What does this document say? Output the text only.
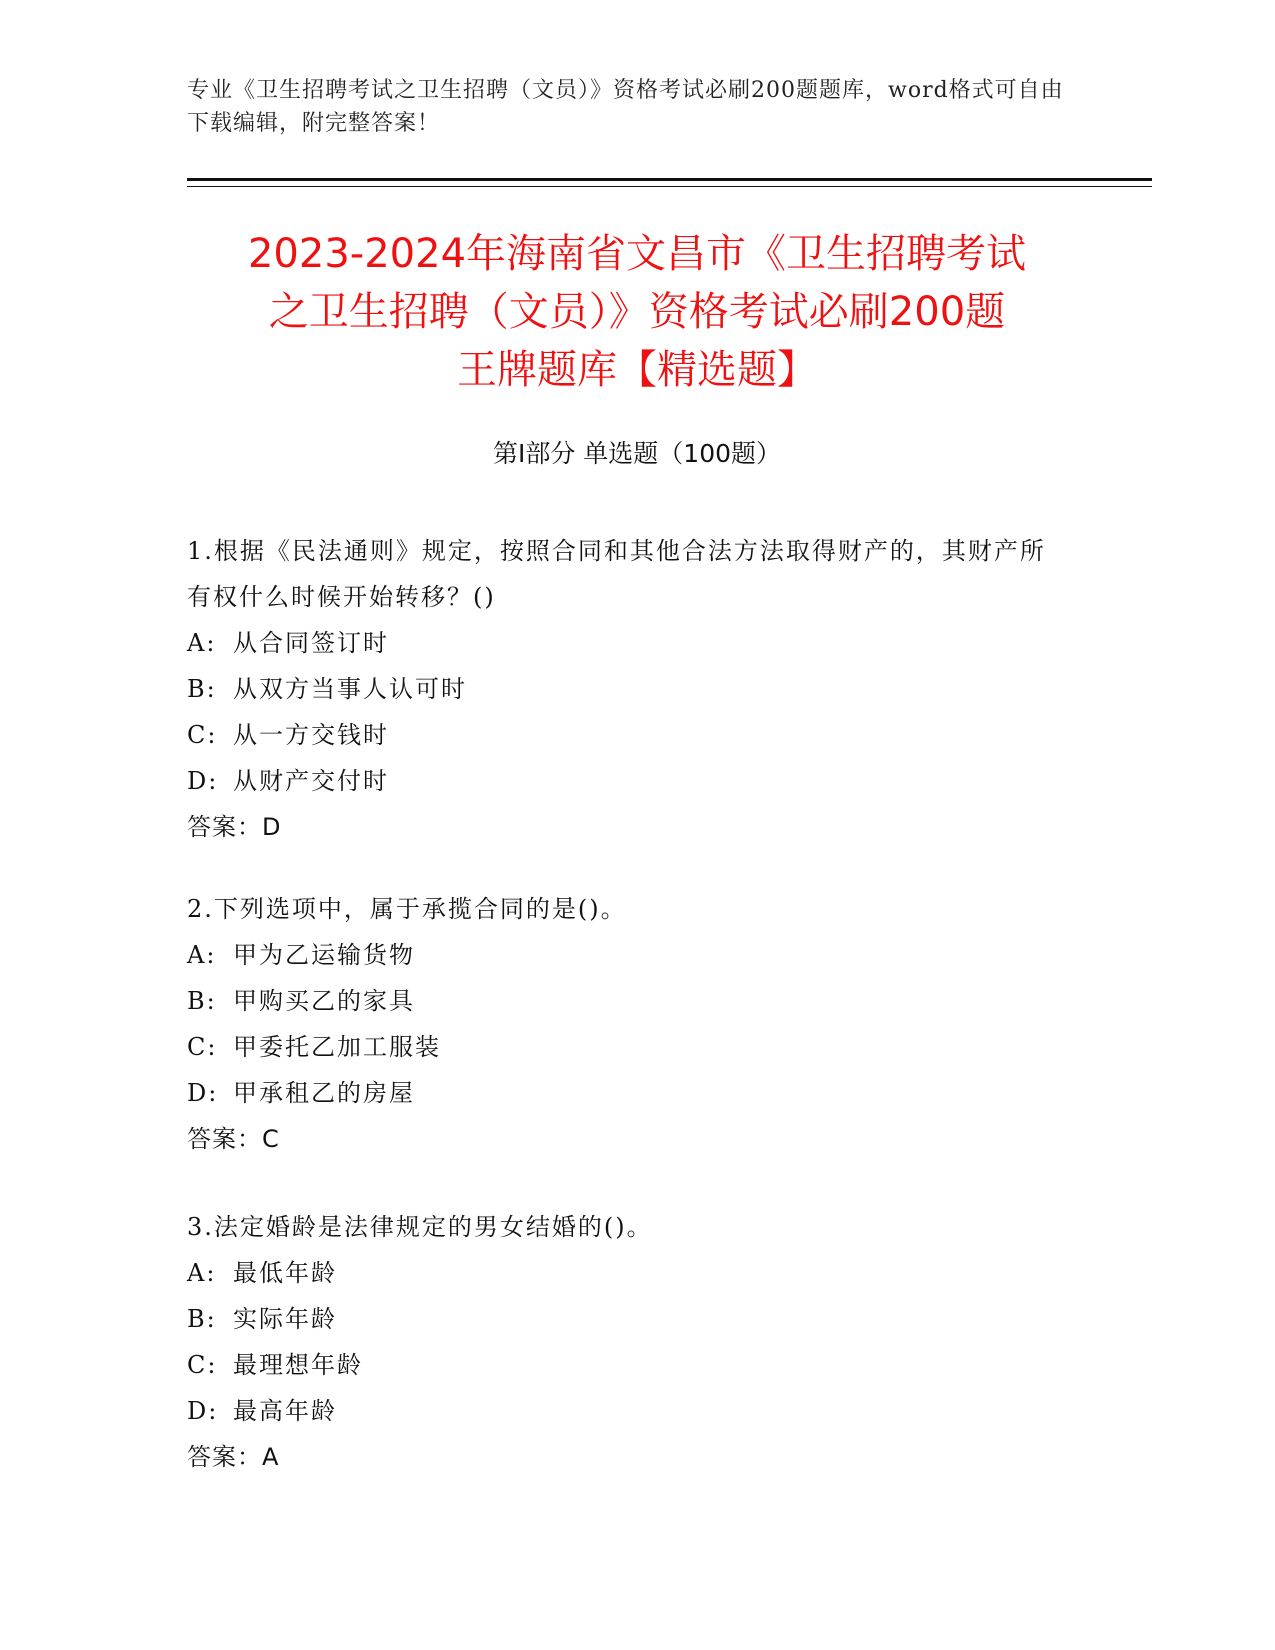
专业《卫生招聘考试之卫生招聘（文员）》资格考试必刷200题题库，word格式可自由下载编辑，附完整答案！
2023-2024年海南省文昌市《卫生招聘考试
之卫生招聘（文员）》资格考试必刷200题
王牌题库【精选题】
第Ⅰ部分 单选题（100题）
1.根据《民法通则》规定，按照合同和其他合法方法取得财产的，其财产所有权什么时候开始转移？()
A: 从合同签订时
B: 从双方当事人认可时
C: 从一方交钱时
D: 从财产交付时
答案：D
2.下列选项中，属于承揽合同的是()。
A: 甲为乙运输货物
B: 甲购买乙的家具
C: 甲委托乙加工服装
D: 甲承租乙的房屋
答案：C
3.法定婚龄是法律规定的男女结婚的()。
A: 最低年龄
B: 实际年龄
C: 最理想年龄
D: 最高年龄
答案：A
